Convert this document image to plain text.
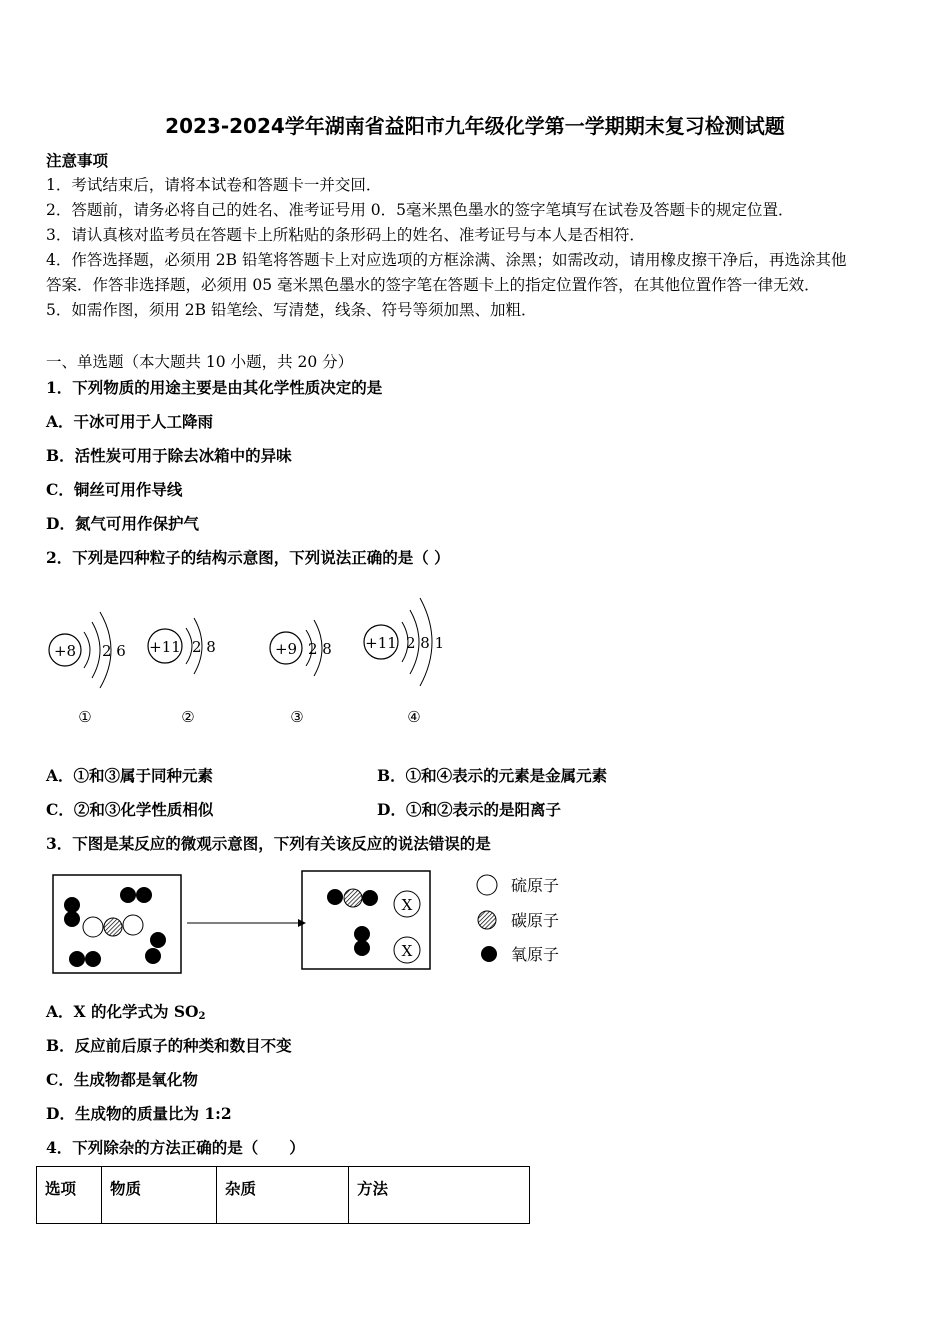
2023-2024学年湖南省益阳市九年级化学第一学期期末复习检测试题
注意事项
1．考试结束后，请将本试卷和答题卡一并交回．
2．答题前，请务必将自己的姓名、准考证号用 0．5毫米黑色墨水的签字笔填写在试卷及答题卡的规定位置．
3．请认真核对监考员在答题卡上所粘贴的条形码上的姓名、准考证号与本人是否相符．
4．作答选择题，必须用 2B 铅笔将答题卡上对应选项的方框涂满、涂黑；如需改动，请用橡皮擦干净后，再选涂其他
答案．作答非选择题，必须用 05 毫米黑色墨水的签字笔在答题卡上的指定位置作答，在其他位置作答一律无效．
5．如需作图，须用 2B 铅笔绘、写清楚，线条、符号等须加黑、加粗．
一、单选题（本大题共 10 小题，共 20 分）
1．下列物质的用途主要是由其化学性质决定的是
A．干冰可用于人工降雨
B．活性炭可用于除去冰箱中的异味
C．铜丝可用作导线
D．氮气可用作保护气
2．下列是四种粒子的结构示意图，下列说法正确的是（ ）
+8 2 6
①
+11 2 8
②
+9 2 8
③
+11 2 8 1
④
A．①和③属于同种元素	B．①和④表示的元素是金属元素
C．②和③化学性质相似	D．①和②表示的是阳离子
3．下图是某反应的微观示意图，下列有关该反应的说法错误的是
X
X
硫原子
碳原子
氧原子
A．X 的化学式为 SO2
B．反应前后原子的种类和数目不变
C．生成物都是氧化物
D．生成物的质量比为 1:2
4．下列除杂的方法正确的是（　　）
选项	物质	杂质	方法
